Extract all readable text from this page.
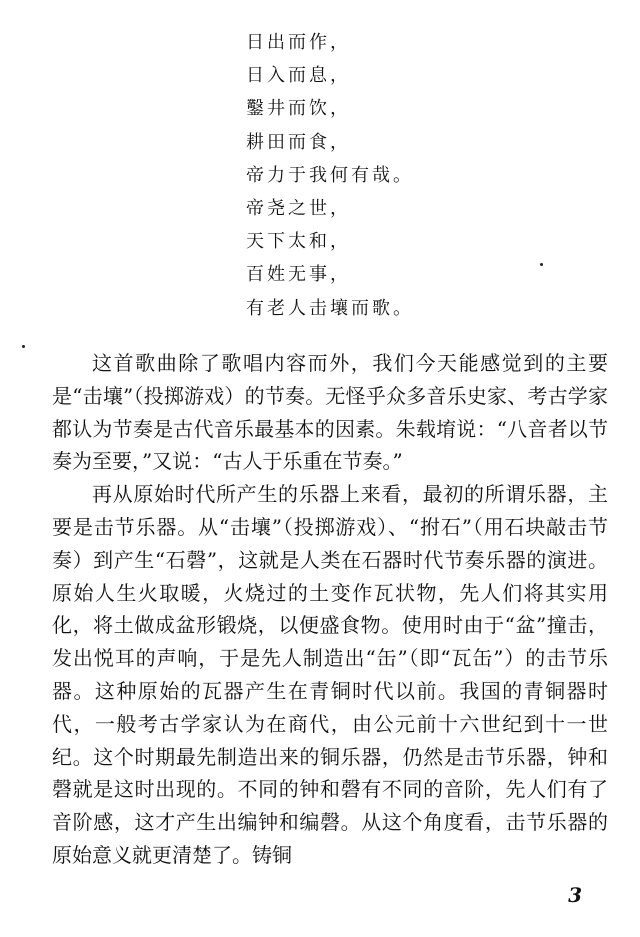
日出而作，
日入而息，
鑿井而饮，
耕田而食，
帝力于我何有哉。
帝尧之世，
天下太和，
百姓无事，
有老人击壤而歌。

这首歌曲除了歌唱内容而外，我们今天能感觉到的主要是“击壤”（投掷游戏）的节奏。无怪乎众多音乐史家、考古学家都认为节奏是古代音乐最基本的因素。朱载堉说：“八音者以节奏为至要，”又说：“古人于乐重在节奏。”

再从原始时代所产生的乐器上来看，最初的所谓乐器，主要是击节乐器。从“击壤”（投掷游戏）、“拊石”（用石块敲击节奏）到产生“石磬”，这就是人类在石器时代节奏乐器的演进。原始人生火取暖，火烧过的土变作瓦状物，先人们将其实用化，将土做成盆形锻烧，以便盛食物。使用时由于“盆”撞击，发出悦耳的声响，于是先人制造出“缶”（即“瓦缶”）的击节乐器。这种原始的瓦器产生在青铜时代以前。我国的青铜器时代，一般考古学家认为在商代，由公元前十六世纪到十一世纪。这个时期最先制造出来的铜乐器，仍然是击节乐器，钟和磬就是这时出现的。不同的钟和磬有不同的音阶，先人们有了音阶感，这才产生出编钟和编磬。从这个角度看，击节乐器的原始意义就更清楚了。铸铜

3
